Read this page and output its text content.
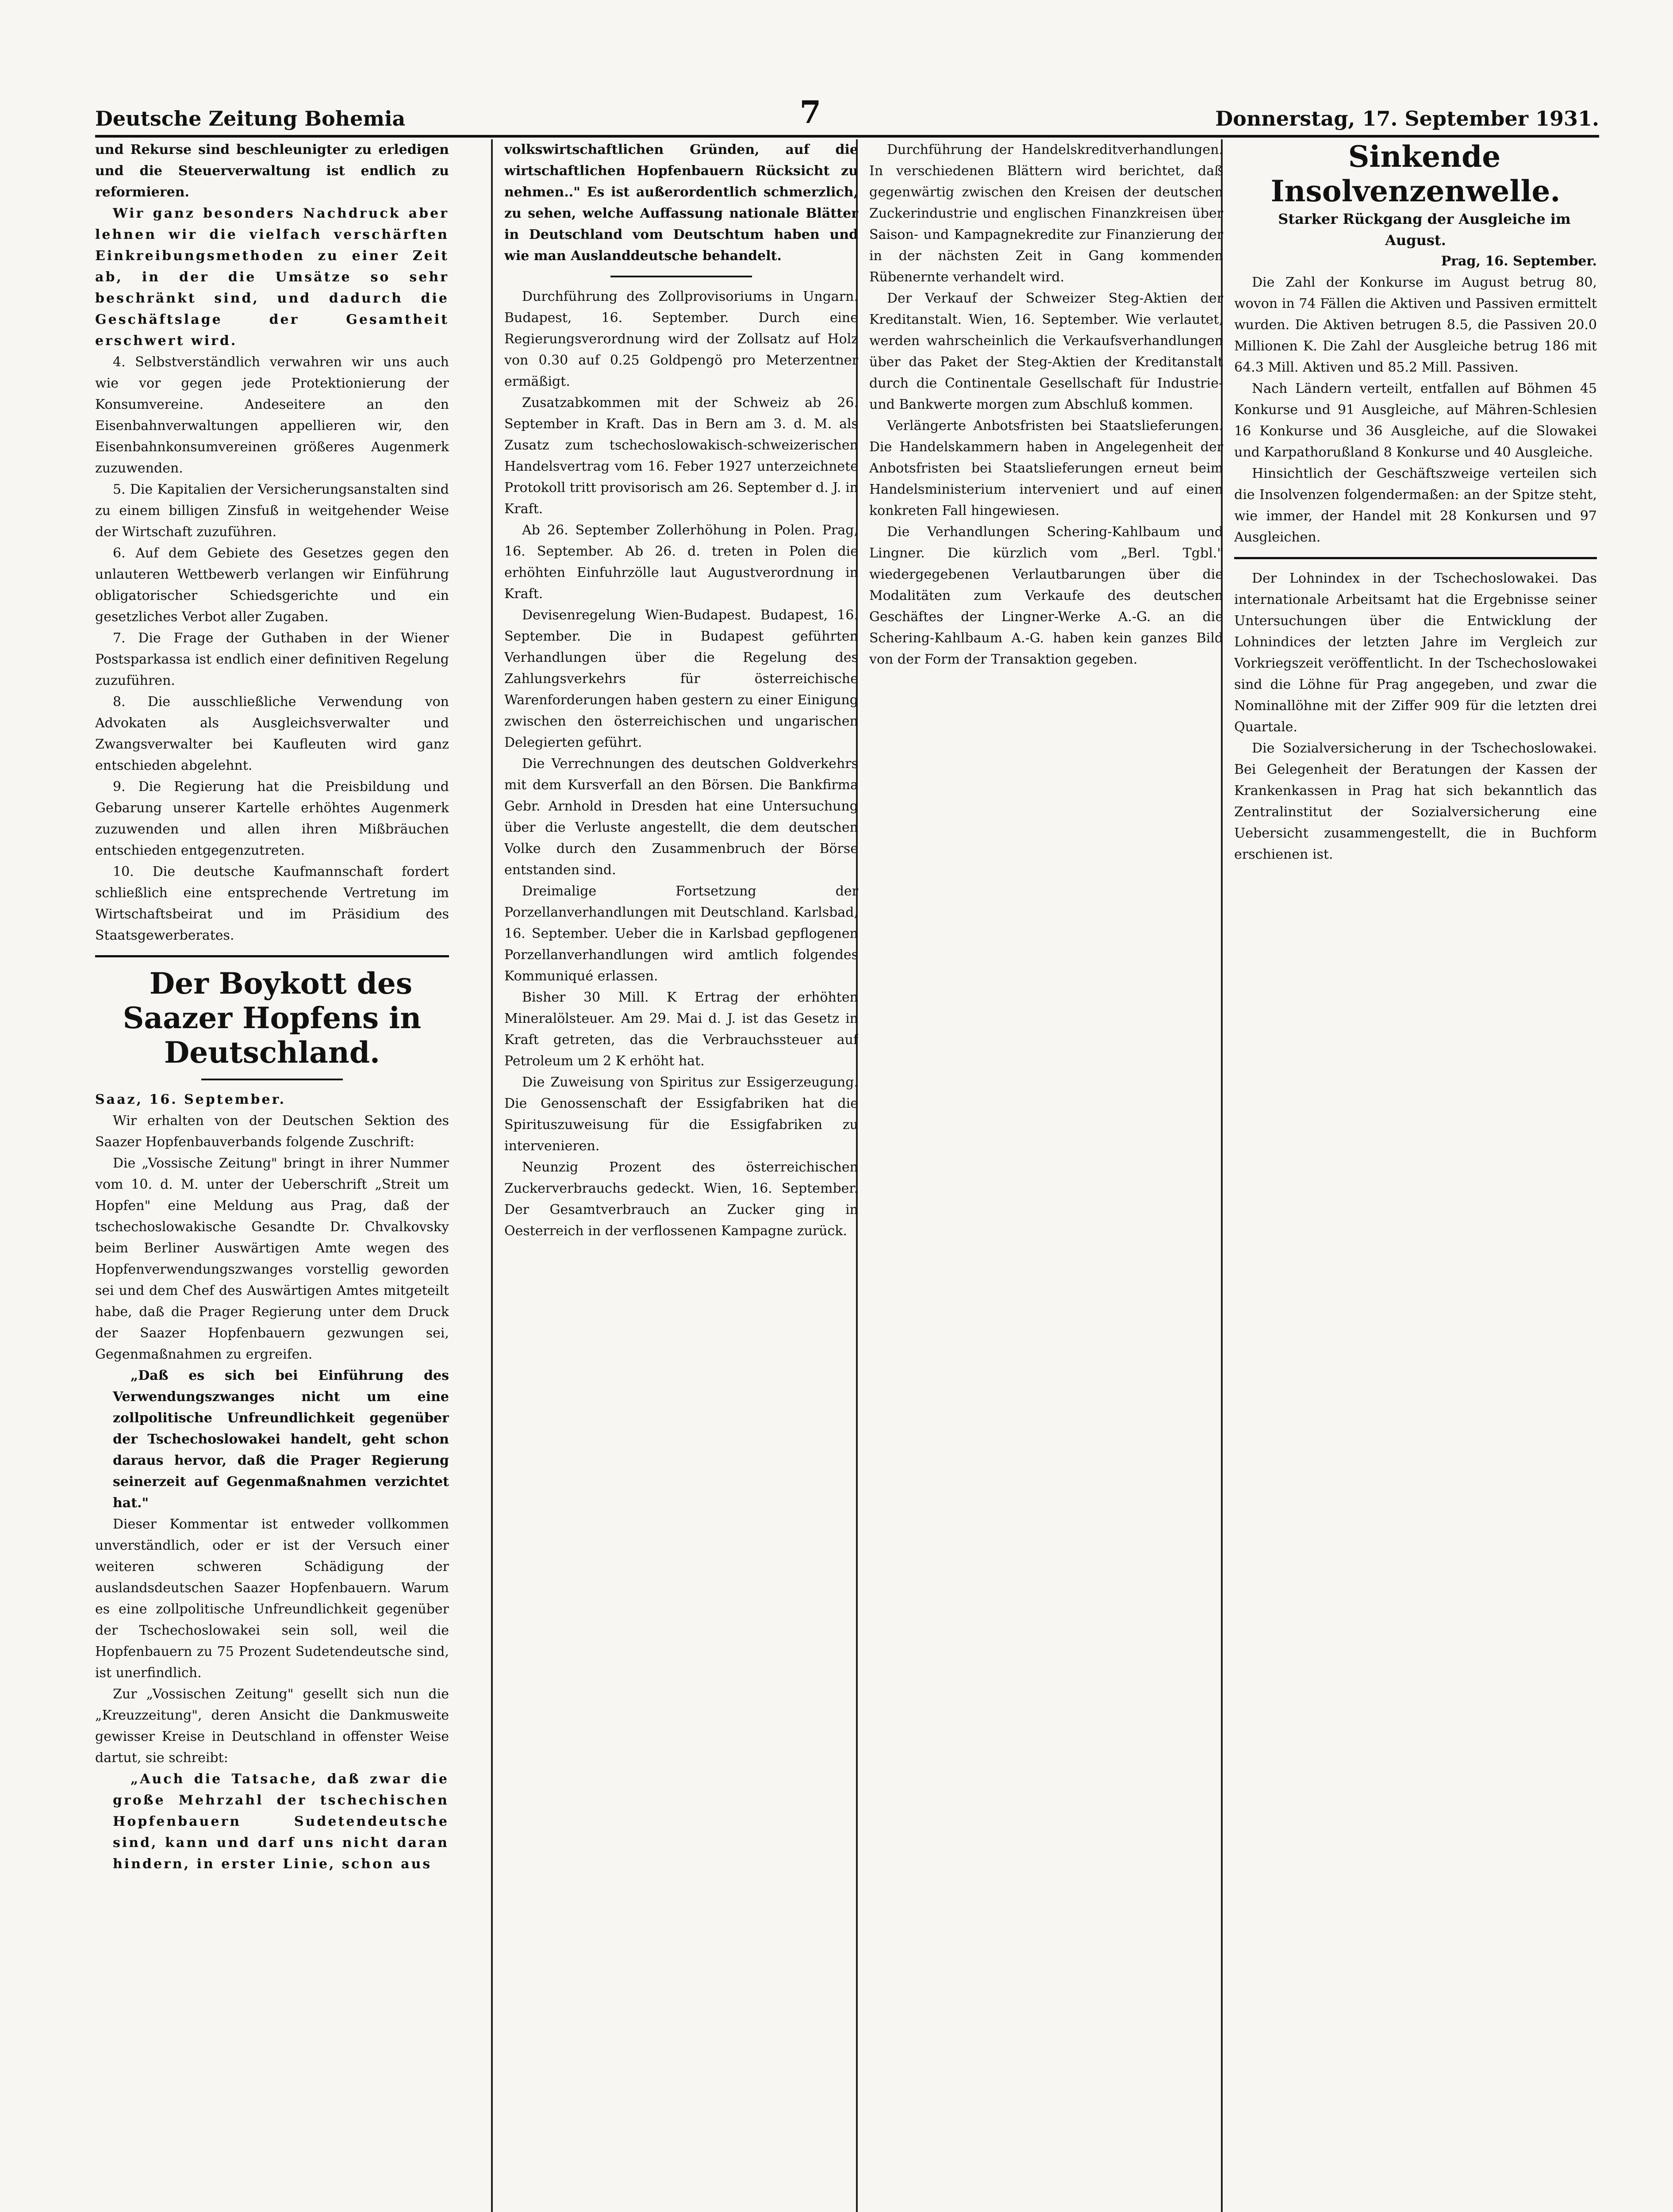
Deutsche Zeitung Bohemia	7	Donnerstag, 17. September 1931.

und Rekurse sind beschleunigter zu erledigen und die Steuerverwaltung ist endlich zu reformieren.

Wir ganz besonders Nachdruck aber lehnen wir die vielfach verschärften Einkreibungsmethoden zu einer Zeit ab, in der die Umsätze so sehr beschränkt sind, und dadurch die Geschäftslage der Gesamtheit erschwert wird.

4. Selbstverständlich verwahren wir uns auch wie vor gegen jede Protektionierung der Konsumvereine. Andeseitere an den Eisenbahnverwaltungen appellieren wir, den Eisenbahnkonsumvereinen größeres Augenmerk zuzuwenden.

5. Die Kapitalien der Versicherungsanstalten sind zu einem billigen Zinsfuß in weitgehender Weise der Wirtschaft zuzuführen.

6. Auf dem Gebiete des Gesetzes gegen den unlauteren Wettbewerb verlangen wir Einführung obligatorischer Schiedsgerichte und ein gesetzliches Verbot aller Zugaben.

7. Die Frage der Guthaben in der Wiener Postsparkassa ist endlich einer definitiven Regelung zuzuführen.

8. Die ausschließliche Verwendung von Advokaten als Ausgleichsverwalter und Zwangsverwalter bei Kaufleuten wird ganz entschieden abgelehnt.

9. Die Regierung hat die Preisbildung und Gebarung unserer Kartelle erhöhtes Augenmerk zuzuwenden und allen ihren Mißbräuchen entschieden entgegenzutreten.

10. Die deutsche Kaufmannschaft fordert schließlich eine entsprechende Vertretung im Wirtschaftsbeirat und im Präsidium des Staatsgewerberates.

Der Boykott des Saazer Hopfens in Deutschland.

Saaz, 16. September.

Wir erhalten von der Deutschen Sektion des Saazer Hopfenbauverbands folgende Zuschrift:

Die „Vossische Zeitung" bringt in ihrer Nummer vom 10. d. M. unter der Ueberschrift „Streit um Hopfen" eine Meldung aus Prag, daß der tschechoslowakische Gesandte Dr. Chvalkovsky beim Berliner Auswärtigen Amte wegen des Hopfenverwendungszwanges vorstellig geworden sei und dem Chef des Auswärtigen Amtes mitgeteilt habe, daß die Prager Regierung unter dem Druck der Saazer Hopfenbauern gezwungen sei, Gegenmaßnahmen zu ergreifen.

„Daß es sich bei Einführung des Verwendungszwanges nicht um eine zollpolitische Unfreundlichkeit gegenüber der Tschechoslowakei handelt, geht schon daraus hervor, daß die Prager Regierung seinerzeit auf Gegenmaßnahmen verzichtet hat."

Dieser Kommentar ist entweder vollkommen unverständlich, oder er ist der Versuch einer weiteren schweren Schädigung der auslandsdeutschen Saazer Hopfenbauern. Warum es eine zollpolitische Unfreundlichkeit gegenüber der Tschechoslowakei sein soll, weil die Hopfenbauern zu 75 Prozent Sudetendeutsche sind, ist unerfindlich.

Zur „Vossischen Zeitung" gesellt sich nun die „Kreuzzeitung", deren Ansicht die Dankmusweite gewisser Kreise in Deutschland in offenster Weise dartut, sie schreibt:

„Auch die Tatsache, daß zwar die große Mehrzahl der tschechischen Hopfenbauern Sudetendeutsche sind, kann und darf uns nicht daran hindern, in erster Linie, schon aus

volkswirtschaftlichen Gründen, auf die wirtschaftlichen Hopfenbauern Rücksicht zu nehmen.." Es ist außerordentlich schmerzlich, zu sehen, welche Auffassung nationale Blätter in Deutschland vom Deutschtum haben und wie man Auslanddeutsche behandelt.

Durchführung des Zollprovisoriums in Ungarn. Budapest, 16. September. Durch eine Regierungsverordnung wird der Zollsatz auf Holz von 0.30 auf 0.25 Goldpengö pro Meterzentner ermäßigt.

Zusatzabkommen mit der Schweiz ab 26. September in Kraft. Das in Bern am 3. d. M. als Zusatz zum tschechoslowakisch-schweizerischen Handelsvertrag vom 16. Feber 1927 unterzeichnete Protokoll tritt provisorisch am 26. September d. J. in Kraft.

Ab 26. September Zollerhöhung in Polen. Prag, 16. September. Ab 26. d. treten in Polen die erhöhten Einfuhrzölle laut Augustverordnung in Kraft.

Devisenregelung Wien-Budapest. Budapest, 16. September. Die in Budapest geführten Verhandlungen über die Regelung des Zahlungsverkehrs für österreichische Warenforderungen haben gestern zu einer Einigung zwischen den österreichischen und ungarischen Delegierten geführt.

Die Verrechnungen des deutschen Goldverkehrs mit dem Kursverfall an den Börsen. Die Bankfirma Gebr. Arnhold in Dresden hat eine Untersuchung über die Verluste angestellt, die dem deutschen Volke durch den Zusammenbruch der Börse entstanden sind.

Dreimalige Fortsetzung der Porzellanverhandlungen mit Deutschland. Karlsbad, 16. September. Ueber die in Karlsbad gepflogenen Porzellanverhandlungen wird amtlich folgendes Kommuniqué erlassen.

Bisher 30 Mill. K Ertrag der erhöhten Mineralölsteuer. Am 29. Mai d. J. ist das Gesetz in Kraft getreten, das die Verbrauchssteuer auf Petroleum um 2 K erhöht hat.

Die Zuweisung von Spiritus zur Essigerzeugung. Die Genossenschaft der Essigfabriken hat die Spirituszuweisung für die Essigfabriken zu intervenieren.

Neunzig Prozent des österreichischen Zuckerverbrauchs gedeckt. Wien, 16. September. Der Gesamtverbrauch an Zucker ging in Oesterreich in der verflossenen Kampagne zurück.

Durchführung der Handelskreditverhandlungen. In verschiedenen Blättern wird berichtet, daß gegenwärtig zwischen den Kreisen der deutschen Zuckerindustrie und englischen Finanzkreisen über Saison- und Kampagnekredite zur Finanzierung der in der nächsten Zeit in Gang kommenden Rübenernte verhandelt wird.

Der Verkauf der Schweizer Steg-Aktien der Kreditanstalt. Wien, 16. September. Wie verlautet, werden wahrscheinlich die Verkaufsverhandlungen über das Paket der Steg-Aktien der Kreditanstalt durch die Continentale Gesellschaft für Industrie- und Bankwerte morgen zum Abschluß kommen.

Verlängerte Anbotsfristen bei Staatslieferungen. Die Handelskammern haben in Angelegenheit der Anbotsfristen bei Staatslieferungen erneut beim Handelsministerium interveniert und auf einen konkreten Fall hingewiesen.

Die Verhandlungen Schering-Kahlbaum und Lingner. Die kürzlich vom „Berl. Tgbl." wiedergegebenen Verlautbarungen über die Modalitäten zum Verkaufe des deutschen Geschäftes der Lingner-Werke A.-G. an die Schering-Kahlbaum A.-G. haben kein ganzes Bild von der Form der Transaktion gegeben.

Sinkende Insolvenzenwelle.

Starker Rückgang der Ausgleiche im August.

Prag, 16. September.

Die Zahl der Konkurse im August betrug 80, wovon in 74 Fällen die Aktiven und Passiven ermittelt wurden. Die Aktiven betrugen 8.5, die Passiven 20.0 Millionen K. Die Zahl der Ausgleiche betrug 186 mit 64.3 Mill. Aktiven und 85.2 Mill. Passiven.

Nach Ländern verteilt, entfallen auf Böhmen 45 Konkurse und 91 Ausgleiche, auf Mähren-Schlesien 16 Konkurse und 36 Ausgleiche, auf die Slowakei und Karpathorußland 8 Konkurse und 40 Ausgleiche.

Hinsichtlich der Geschäftszweige verteilen sich die Insolvenzen folgendermaßen: an der Spitze steht, wie immer, der Handel mit 28 Konkursen und 97 Ausgleichen.

Der Lohnindex in der Tschechoslowakei. Das internationale Arbeitsamt hat die Ergebnisse seiner Untersuchungen über die Entwicklung der Lohnindices der letzten Jahre im Vergleich zur Vorkriegszeit veröffentlicht. In der Tschechoslowakei sind die Löhne für Prag angegeben, und zwar die Nominallöhne mit der Ziffer 909 für die letzten drei Quartale.

Die Sozialversicherung in der Tschechoslowakei. Bei Gelegenheit der Beratungen der Kassen der Krankenkassen in Prag hat sich bekanntlich das Zentralinstitut der Sozialversicherung eine Uebersicht zusammengestellt, die in Buchform erschienen ist.
